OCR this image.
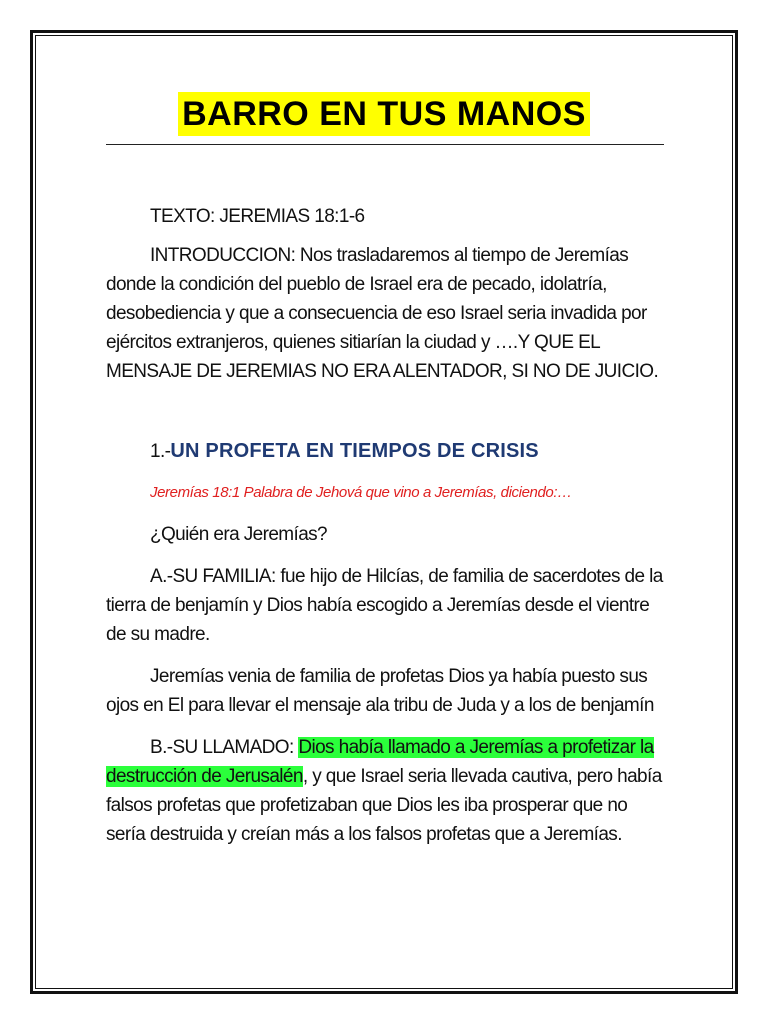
BARRO EN TUS MANOS

TEXTO: JEREMIAS 18:1-6

INTRODUCCION: Nos trasladaremos al tiempo de Jeremías donde la condición del pueblo de Israel era de pecado, idolatría, desobediencia y que a consecuencia de eso Israel seria invadida por ejércitos extranjeros, quienes sitiarían la ciudad y ….Y QUE EL MENSAJE DE JEREMIAS NO ERA ALENTADOR, SI NO DE JUICIO.

1.-UN PROFETA EN TIEMPOS DE CRISIS
Jeremías 18:1 Palabra de Jehová que vino a Jeremías, diciendo:…

¿Quién era Jeremías?

A.-SU FAMILIA: fue hijo de Hilcías, de familia de sacerdotes de la tierra de benjamín y Dios había escogido a Jeremías desde el vientre de su madre.

Jeremías venia de familia de profetas Dios ya había puesto sus ojos en El para llevar el mensaje ala tribu de Juda y a los de benjamín

B.-SU LLAMADO: Dios había llamado a Jeremías a profetizar la destrucción de Jerusalén, y que Israel seria llevada cautiva, pero había falsos profetas que profetizaban que Dios les iba prosperar que no sería destruida y creían más a los falsos profetas que a Jeremías.
